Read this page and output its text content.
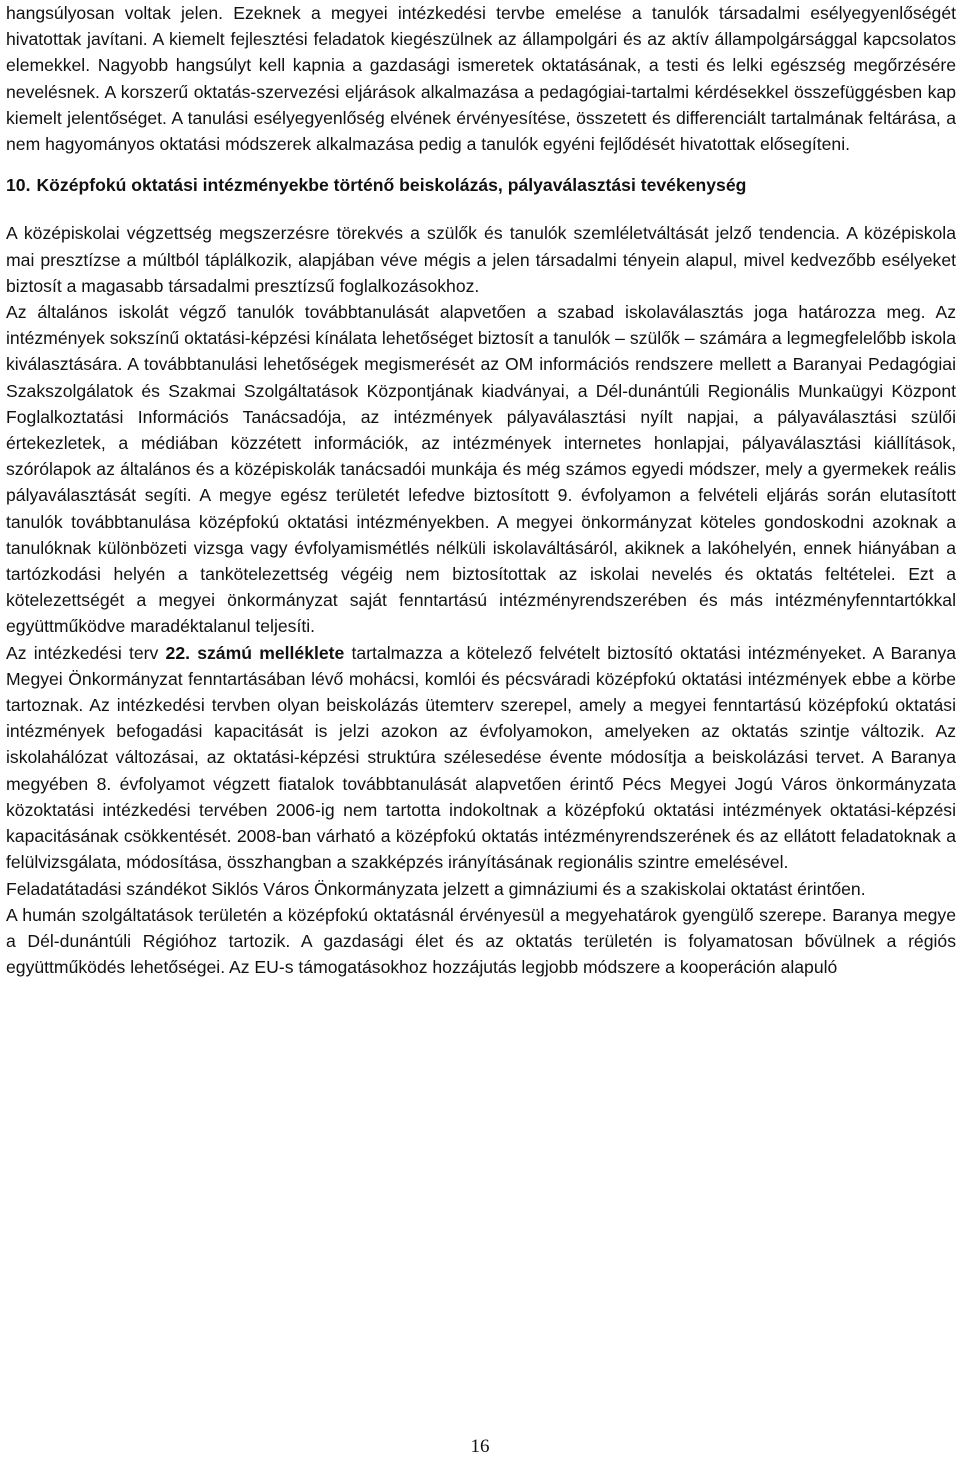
hangsúlyosan voltak jelen. Ezeknek a megyei intézkedési tervbe emelése a tanulók társadalmi esélyegyenlőségét hivatottak javítani. A kiemelt fejlesztési feladatok kiegészülnek az állampolgári és az aktív állampolgársággal kapcsolatos elemekkel. Nagyobb hangsúlyt kell kapnia a gazdasági ismeretek oktatásának, a testi és lelki egészség megőrzésére nevelésnek. A korszerű oktatás-szervezési eljárások alkalmazása a pedagógiai-tartalmi kérdésekkel összefüggésben kap kiemelt jelentőséget. A tanulási esélyegyenlőség elvének érvényesítése, összetett és differenciált tartalmának feltárása, a nem hagyományos oktatási módszerek alkalmazása pedig a tanulók egyéni fejlődését hivatottak elősegíteni.

10. Középfokú oktatási intézményekbe történő beiskolázás, pályaválasztási tevékenység

A középiskolai végzettség megszerzésre törekvés a szülők és tanulók szemléletváltását jelző tendencia. A középiskola mai presztízse a múltból táplálkozik, alapjában véve mégis a jelen társadalmi tényein alapul, mivel kedvezőbb esélyeket biztosít a magasabb társadalmi presztízsű foglalkozásokhoz.

Az általános iskolát végző tanulók továbbtanulását alapvetően a szabad iskolaválasztás joga határozza meg. Az intézmények sokszínű oktatási-képzési kínálata lehetőséget biztosít a tanulók – szülők – számára a legmegfelelőbb iskola kiválasztására. A továbbtanulási lehetőségek megismerését az OM információs rendszere mellett a Baranyai Pedagógiai Szakszolgálatok és Szakmai Szolgáltatások Központjának kiadványai, a Dél-dunántúli Regionális Munkaügyi Központ Foglalkoztatási Információs Tanácsadója, az intézmények pályaválasztási nyílt napjai, a pályaválasztási szülői értekezletek, a médiában közzétett információk, az intézmények internetes honlapjai, pályaválasztási kiállítások, szórólapok az általános és a középiskolák tanácsadói munkája és még számos egyedi módszer, mely a gyermekek reális pályaválasztását segíti. A megye egész területét lefedve biztosított 9. évfolyamon a felvételi eljárás során elutasított tanulók továbbtanulása középfokú oktatási intézményekben. A megyei önkormányzat köteles gondoskodni azoknak a tanulóknak különbözeti vizsga vagy évfolyamismétlés nélküli iskolaváltásáról, akiknek a lakóhelyén, ennek hiányában a tartózkodási helyén a tankötelezettség végéig nem biztosítottak az iskolai nevelés és oktatás feltételei. Ezt a kötelezettségét a megyei önkormányzat saját fenntartású intézményrendszerében és más intézményfenntartókkal együttműködve maradéktalanul teljesíti.

Az intézkedési terv 22. számú melléklete tartalmazza a kötelező felvételt biztosító oktatási intézményeket. A Baranya Megyei Önkormányzat fenntartásában lévő mohácsi, komlói és pécsváradi középfokú oktatási intézmények ebbe a körbe tartoznak. Az intézkedési tervben olyan beiskolázás ütemterv szerepel, amely a megyei fenntartású középfokú oktatási intézmények befogadási kapacitását is jelzi azokon az évfolyamokon, amelyeken az oktatás szintje változik. Az iskolahálózat változásai, az oktatási-képzési struktúra szélesedése évente módosítja a beiskolázási tervet. A Baranya megyében 8. évfolyamot végzett fiatalok továbbtanulását alapvetően érintő Pécs Megyei Jogú Város önkormányzata közoktatási intézkedési tervében 2006-ig nem tartotta indokoltnak a középfokú oktatási intézmények oktatási-képzési kapacitásának csökkentését. 2008-ban várható a középfokú oktatás intézményrendszerének és az ellátott feladatoknak a felülvizsgálata, módosítása, összhangban a szakképzés irányításának regionális szintre emelésével.

Feladatátadási szándékot Siklós Város Önkormányzata jelzett a gimnáziumi és a szakiskolai oktatást érintően.

A humán szolgáltatások területén a középfokú oktatásnál érvényesül a megyehatárok gyengülő szerepe. Baranya megye a Dél-dunántúli Régióhoz tartozik. A gazdasági élet és az oktatás területén is folyamatosan bővülnek a régiós együttműködés lehetőségei. Az EU-s támogatásokhoz hozzájutás legjobb módszere a kooperáción alapuló

16
